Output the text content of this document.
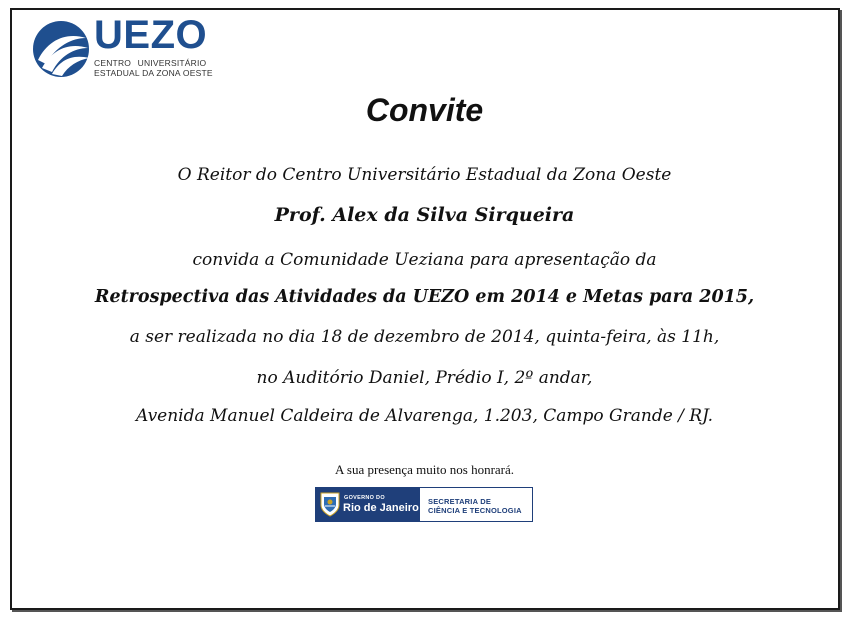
UEZO
CENTRO UNIVERSITÁRIO
ESTADUAL DA ZONA OESTE
Convite
O Reitor do Centro Universitário Estadual da Zona Oeste
Prof. Alex da Silva Sirqueira
convida a Comunidade Ueziana para apresentação da
Retrospectiva das Atividades da UEZO em 2014 e Metas para 2015,
a ser realizada no dia 18 de dezembro de 2014, quinta-feira, às 11h,
no Auditório Daniel, Prédio I, 2º andar,
Avenida Manuel Caldeira de Alvarenga, 1.203, Campo Grande / RJ.
A sua presença muito nos honrará.
GOVERNO DO
Rio de Janeiro
SECRETARIA DE
CIÊNCIA E TECNOLOGIA
